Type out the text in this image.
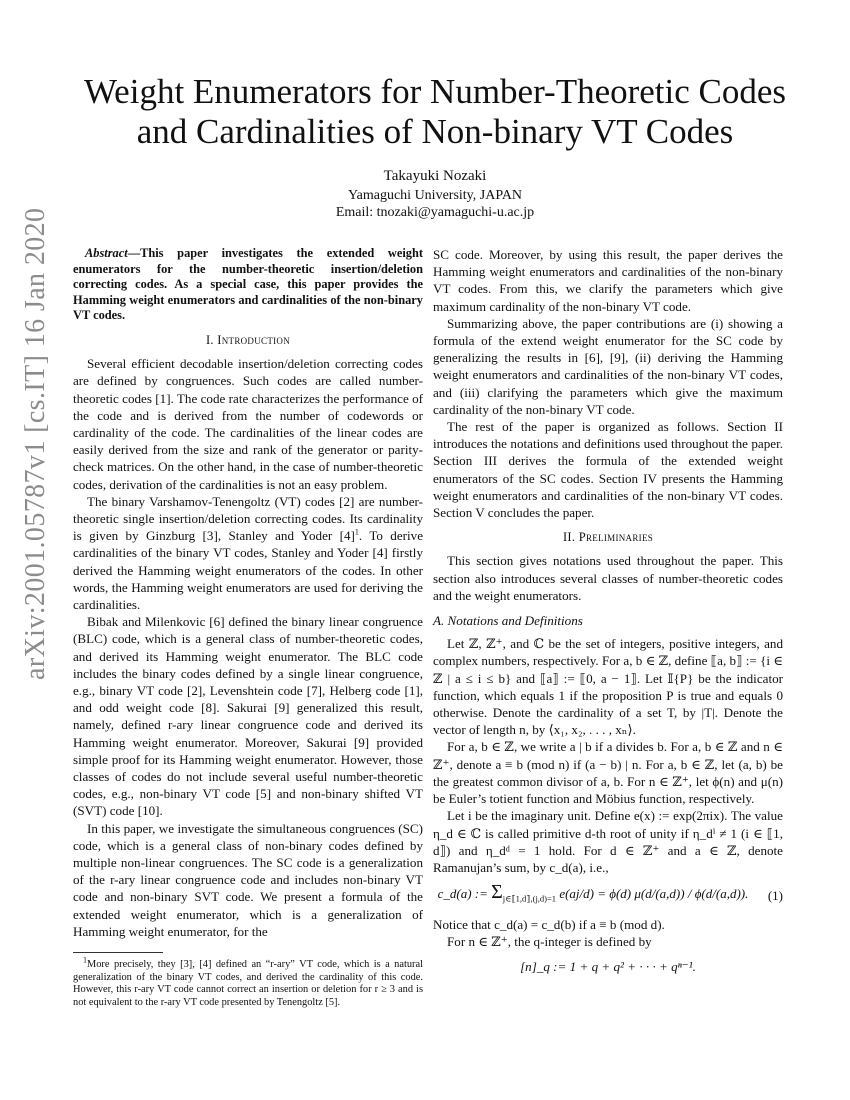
arXiv:2001.05787v1 [cs.IT] 16 Jan 2020
Weight Enumerators for Number-Theoretic Codes
and Cardinalities of Non-binary VT Codes
Takayuki Nozaki
Yamaguchi University, JAPAN
Email: tnozaki@yamaguchi-u.ac.jp

Abstract—This paper investigates the extended weight enumerators for the number-theoretic insertion/deletion correcting codes. As a special case, this paper provides the Hamming weight enumerators and cardinalities of the non-binary VT codes.

I. Introduction

Several efficient decodable insertion/deletion correcting codes are defined by congruences. Such codes are called number-theoretic codes [1]. The code rate characterizes the performance of the code and is derived from the number of codewords or cardinality of the code. The cardinalities of the linear codes are easily derived from the size and rank of the generator or parity-check matrices. On the other hand, in the case of number-theoretic codes, derivation of the cardinalities is not an easy problem.

The binary Varshamov-Tenengoltz (VT) codes [2] are number-theoretic single insertion/deletion correcting codes. Its cardinality is given by Ginzburg [3], Stanley and Yoder $[4]^1$. To derive cardinalities of the binary VT codes, Stanley and Yoder [4] firstly derived the Hamming weight enumerators of the codes. In other words, the Hamming weight enumerators are used for deriving the cardinalities.

Bibak and Milenkovic [6] defined the binary linear congruence (BLC) code, which is a general class of number-theoretic codes, and derived its Hamming weight enumerator. The BLC code includes the binary codes defined by a single linear congruence, e.g., binary VT code [2], Levenshtein code [7], Helberg code [1], and odd weight code [8]. Sakurai [9] generalized this result, namely, defined r-ary linear congruence code and derived its Hamming weight enumerator. Moreover, Sakurai [9] provided simple proof for its Hamming weight enumerator. However, those classes of codes do not include several useful number-theoretic codes, e.g., non-binary VT code [5] and non-binary shifted VT (SVT) code [10].

In this paper, we investigate the simultaneous congruences (SC) code, which is a general class of non-binary codes defined by multiple non-linear congruences. The SC code is a generalization of the r-ary linear congruence code and includes non-binary VT code and non-binary SVT code. We present a formula of the extended weight enumerator, which is a generalization of Hamming weight enumerator, for the

$^1$More precisely, they [3], [4] defined an “r-ary” VT code, which is a natural generalization of the binary VT codes, and derived the cardinality of this code. However, this r-ary VT code cannot correct an insertion or deletion for r ≥ 3 and is not equivalent to the r-ary VT code presented by Tenengoltz [5].

SC code. Moreover, by using this result, the paper derives the Hamming weight enumerators and cardinalities of the non-binary VT codes. From this, we clarify the parameters which give maximum cardinality of the non-binary VT code.

Summarizing above, the paper contributions are (i) showing a formula of the extend weight enumerator for the SC code by generalizing the results in [6], [9], (ii) deriving the Hamming weight enumerators and cardinalities of the non-binary VT codes, and (iii) clarifying the parameters which give the maximum cardinality of the non-binary VT code.

The rest of the paper is organized as follows. Section II introduces the notations and definitions used throughout the paper. Section III derives the formula of the extended weight enumerators of the SC codes. Section IV presents the Hamming weight enumerators and cardinalities of the non-binary VT codes. Section V concludes the paper.

II. Preliminaries

This section gives notations used throughout the paper. This section also introduces several classes of number-theoretic codes and the weight enumerators.

A. Notations and Definitions

Let ℤ, ℤ⁺, and ℂ be the set of integers, positive integers, and complex numbers, respectively. For a, b ∈ ℤ, define ⟦a, b⟧ := {i ∈ ℤ | a ≤ i ≤ b} and ⟦a⟧ := ⟦0, a − 1⟧. Let 𝕀{P} be the indicator function, which equals 1 if the proposition P is true and equals 0 otherwise. Denote the cardinality of a set T, by |T|. Denote the vector of length n, by ⟨x₁, x₂, . . . , xₙ⟩.

For a, b ∈ ℤ, we write a | b if a divides b. For a, b ∈ ℤ and n ∈ ℤ⁺, denote a ≡ b (mod n) if (a − b) | n. For a, b ∈ ℤ, let (a, b) be the greatest common divisor of a, b. For n ∈ ℤ⁺, let ϕ(n) and μ(n) be Euler’s totient function and Möbius function, respectively.

Let i be the imaginary unit. Define e(x) := exp(2πix). The value η_d ∈ ℂ is called primitive d-th root of unity if η_dⁱ ≠ 1 (i ∈ ⟦1, d⟧) and η_dᵈ = 1 hold. For d ∈ ℤ⁺ and a ∈ ℤ, denote Ramanujan’s sum, by c_d(a), i.e.,

c_d(a) := $\Sigma_{j\in⟦1,d⟧,(j,d)=1}$ e(aj/d) = ϕ(d) μ(d/(a,d)) / ϕ(d/(a,d)).	(1)

Notice that c_d(a) = c_d(b) if a ≡ b (mod d).

For n ∈ ℤ⁺, the q-integer is defined by

[n]_q := 1 + q + q² + · · · + qⁿ⁻¹.
